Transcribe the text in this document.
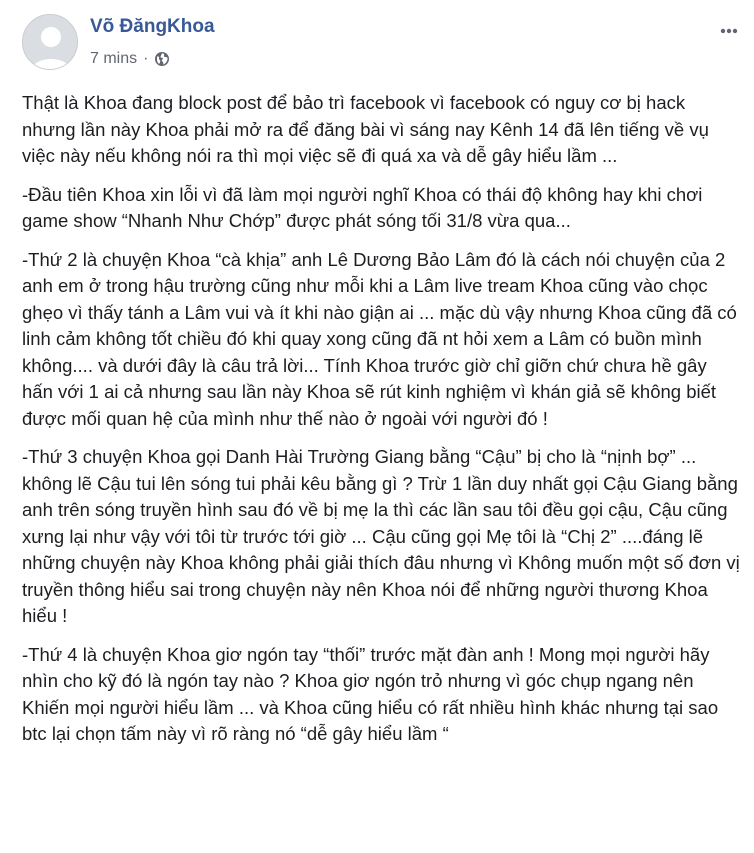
Võ ĐăngKhoa
7 mins ·

Thật là Khoa đang block post để bảo trì facebook vì facebook có nguy cơ bị hack nhưng lần này Khoa phải mở ra để đăng bài vì sáng nay Kênh 14 đã lên tiếng về vụ việc này nếu không nói ra thì mọi việc sẽ đi quá xa và dễ gây hiểu lầm ...

-Đầu tiên Khoa xin lỗi vì đã làm mọi người nghĩ Khoa có thái độ không hay khi chơi game show “Nhanh Như Chớp” được phát sóng tối 31/8 vừa qua...

-Thứ 2 là chuyện Khoa “cà khịa” anh Lê Dương Bảo Lâm đó là cách nói chuyện của 2 anh em ở trong hậu trường cũng như mỗi khi a Lâm live tream Khoa cũng vào chọc ghẹo vì thấy tánh a Lâm vui và ít khi nào giận ai ... mặc dù vậy nhưng Khoa cũng đã có linh cảm không tốt chiều đó khi quay xong cũng đã nt hỏi xem a Lâm có buồn mình không.... và dưới đây là câu trả lời... Tính Khoa trước giờ chỉ giỡn chứ chưa hề gây hấn với 1 ai cả nhưng sau lần này Khoa sẽ rút kinh nghiệm vì khán giả sẽ không biết được mối quan hệ của mình như thế nào ở ngoài với người đó !

-Thứ 3 chuyện Khoa gọi Danh Hài Trường Giang bằng “Cậu” bị cho là “nịnh bợ” ... không lẽ Cậu tui lên sóng tui phải kêu bằng gì ? Trừ 1 lần duy nhất gọi Cậu Giang bằng anh trên sóng truyền hình sau đó về bị mẹ la thì các lần sau tôi đều gọi cậu, Cậu cũng xưng lại như vậy với tôi từ trước tới giờ ... Cậu cũng gọi Mẹ tôi là “Chị 2” ....đáng lẽ những chuyện này Khoa không phải giải thích đâu nhưng vì Không muốn một số đơn vị truyền thông hiểu sai trong chuyện này nên Khoa nói để những người thương Khoa hiểu !

-Thứ 4 là chuyện Khoa giơ ngón tay “thối” trước mặt đàn anh ! Mong mọi người hãy nhìn cho kỹ đó là ngón tay nào ? Khoa giơ ngón trỏ nhưng vì góc chụp ngang nên Khiến mọi người hiểu lầm ... và Khoa cũng hiểu có rất nhiều hình khác nhưng tại sao btc lại chọn tấm này vì rõ ràng nó “dễ gây hiểu lầm “
